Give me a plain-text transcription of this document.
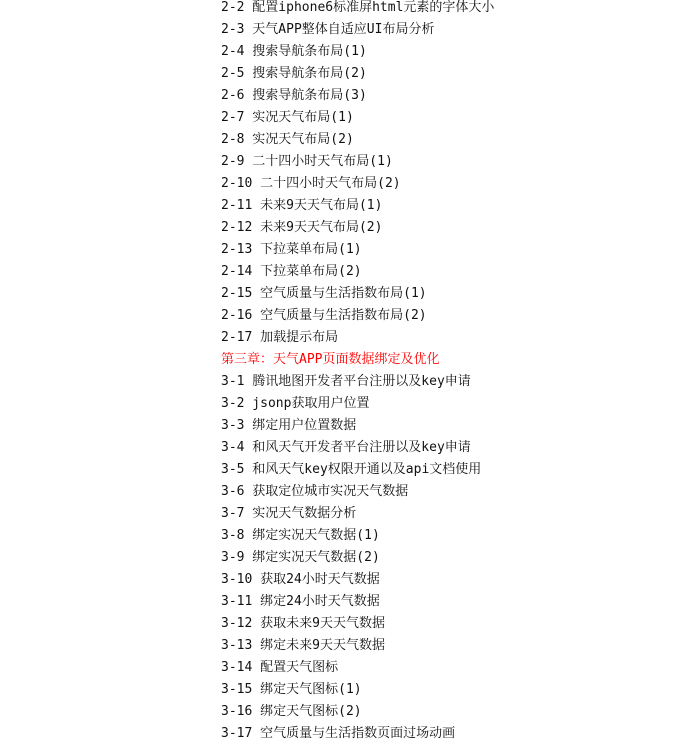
2-2 配置iphone6标准屏html元素的字体大小
2-3 天气APP整体自适应UI布局分析
2-4 搜索导航条布局(1)
2-5 搜索导航条布局(2)
2-6 搜索导航条布局(3)
2-7 实况天气布局(1)
2-8 实况天气布局(2)
2-9 二十四小时天气布局(1)
2-10 二十四小时天气布局(2)
2-11 未来9天天气布局(1)
2-12 未来9天天气布局(2)
2-13 下拉菜单布局(1)
2-14 下拉菜单布局(2)
2-15 空气质量与生活指数布局(1)
2-16 空气质量与生活指数布局(2)
2-17 加载提示布局
第三章：天气APP页面数据绑定及优化
3-1 腾讯地图开发者平台注册以及key申请
3-2 jsonp获取用户位置
3-3 绑定用户位置数据
3-4 和风天气开发者平台注册以及key申请
3-5 和风天气key权限开通以及api文档使用
3-6 获取定位城市实况天气数据
3-7 实况天气数据分析
3-8 绑定实况天气数据(1)
3-9 绑定实况天气数据(2)
3-10 获取24小时天气数据
3-11 绑定24小时天气数据
3-12 获取未来9天天气数据
3-13 绑定未来9天天气数据
3-14 配置天气图标
3-15 绑定天气图标(1)
3-16 绑定天气图标(2)
3-17 空气质量与生活指数页面过场动画
